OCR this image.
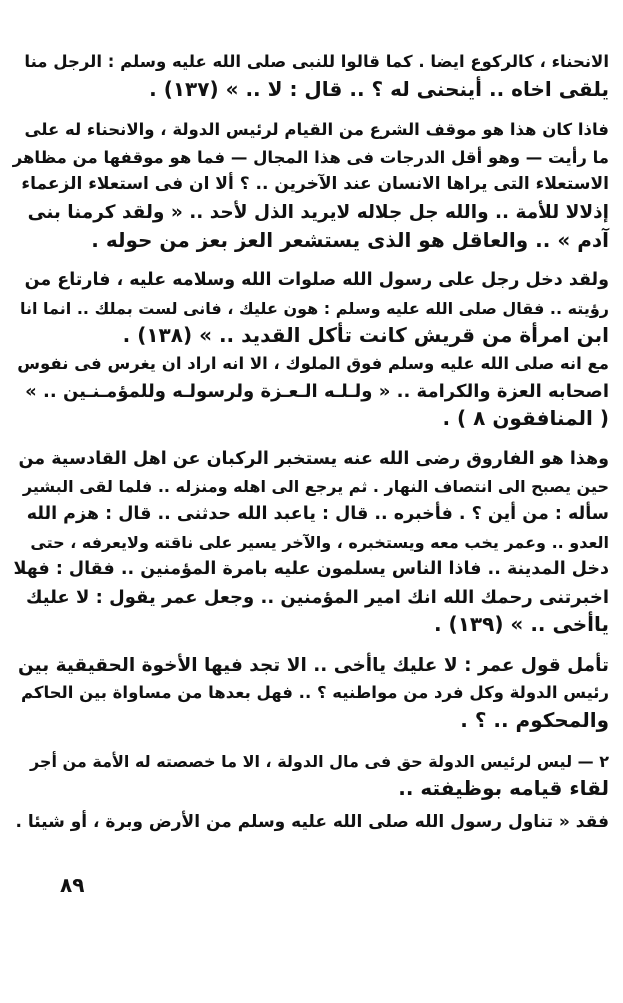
الانحناء ، كالركوع ايضا . كما قالوا للنبى صلى الله عليه وسلم : الرجل منا
يلقى اخاه .. أينحنى له ؟ .. قال : لا .. » (١٣٧) .
فاذا كان هذا هو موقف الشرع من القيام لرئيس الدولة ، والانحناء له على
ما رأيت — وهو أقل الدرجات فى هذا المجال — فما هو موقفها من مظاهر
الاستعلاء التى يراها الانسان عند الآخرين .. ؟ ألا ان فى استعلاء الزعماء
إذلالا للأمة .. والله جل جلاله لايريد الذل لأحد .. « ولقد كرمنا بنى
آدم » .. والعاقل هو الذى يستشعر العز بعز من حوله .
ولقد دخل رجل على رسول الله صلوات الله وسلامه عليه ، فارتاع من
رؤيته .. فقال صلى الله عليه وسلم : هون عليك ، فانى لست بملك .. انما انا
ابن امرأة من قريش كانت تأكل القديد .. » (١٣٨) .
مع انه صلى الله عليه وسلم فوق الملوك ، الا انه اراد ان يغرس فى نفوس
اصحابه العزة والكرامة .. « ولـلـه الـعـزة ولرسولـه وللمؤمـنـين .. »
( المنافقون ٨ ) .
وهذا هو الفاروق رضى الله عنه يستخبر الركبان عن اهل القادسية من
حين يصبح الى انتصاف النهار . ثم يرجع الى اهله ومنزله .. فلما لقى البشير
سأله : من أين ؟ . فأخبره .. قال : ياعبد الله حدثنى .. قال : هزم الله
العدو .. وعمر يخب معه ويستخبره ، والآخر يسير على ناقته ولايعرفه ، حتى
دخل المدينة .. فاذا الناس يسلمون عليه بامرة المؤمنين .. فقال : فهلا
اخبرتنى رحمك الله انك امير المؤمنين .. وجعل عمر يقول : لا عليك
ياأخى .. » (١٣٩) .
تأمل قول عمر : لا عليك ياأخى .. الا تجد فيها الأخوة الحقيقية بين
رئيس الدولة وكل فرد من مواطنيه ؟ .. فهل بعدها من مساواة بين الحاكم
والمحكوم .. ؟ .
٢ — ليس لرئيس الدولة حق فى مال الدولة ، الا ما خصصته له الأمة من أجر
لقاء قيامه بوظيفته ..
فقد « تناول رسول الله صلى الله عليه وسلم من الأرض وبرة ، أو شيئا .
٨٩
